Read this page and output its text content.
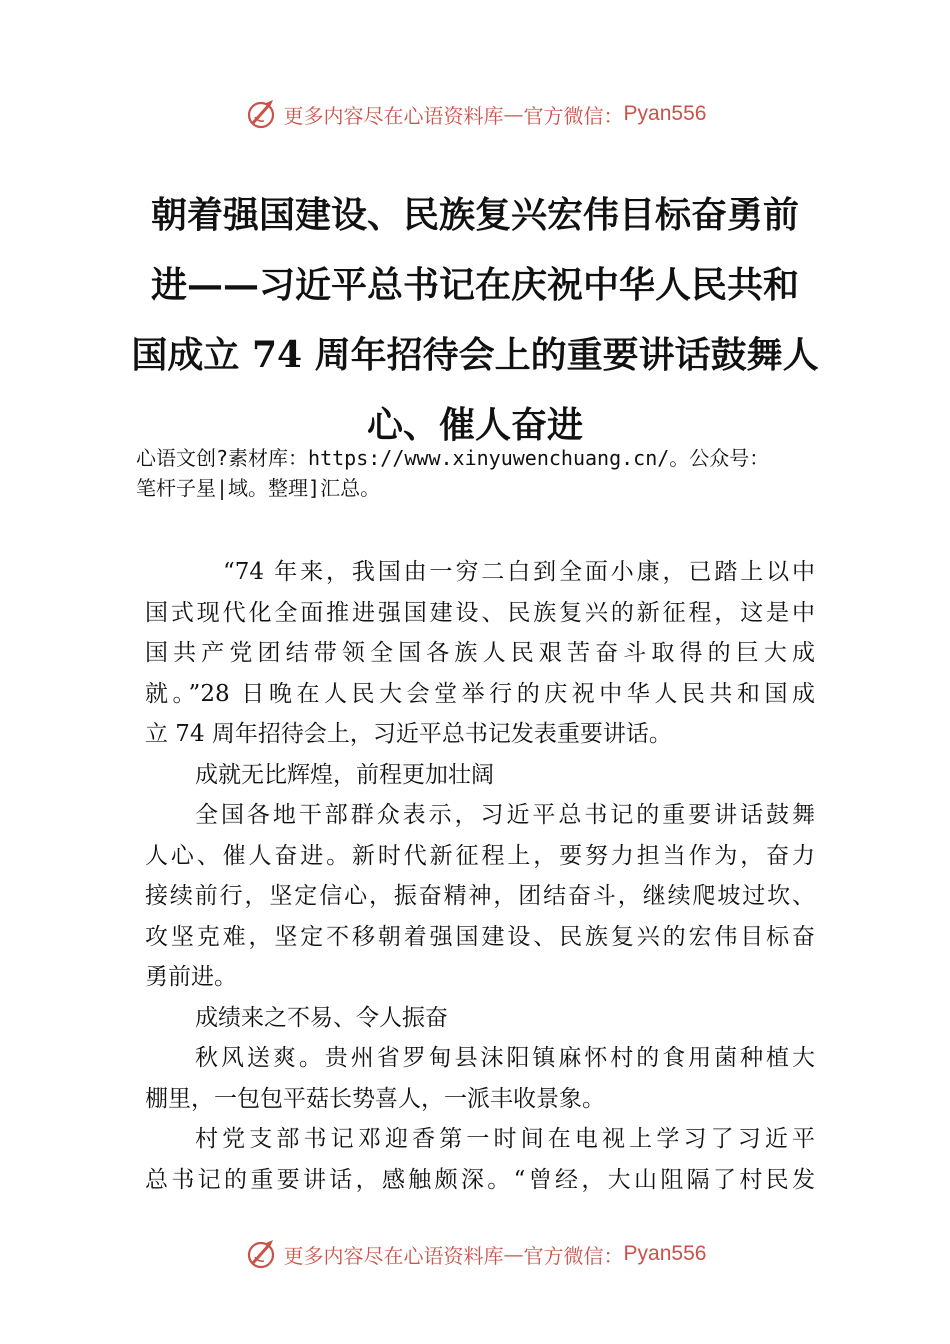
更多内容尽在心语资料库 — 官方微信： Pyan556
朝着强国建设、民族复兴宏伟目标奋勇前
进——习近平总书记在庆祝中华人民共和
国成立 74 周年招待会上的重要讲话鼓舞人
心、催人奋进
心语文创?素材库：https://www.xinyuwenchuang.cn/。公众号：
笔杆子星|域。整理]汇总。
“74 年来，我国由一穷二白到全面小康，已踏上以中
国式现代化全面推进强国建设、民族复兴的新征程，这是中
国共产党团结带领全国各族人民艰苦奋斗取得的巨大成
就。”28 日晚在人民大会堂举行的庆祝中华人民共和国成
立 74 周年招待会上，习近平总书记发表重要讲话。
成就无比辉煌，前程更加壮阔
全国各地干部群众表示，习近平总书记的重要讲话鼓舞
人心、催人奋进。新时代新征程上，要努力担当作为，奋力
接续前行，坚定信心，振奋精神，团结奋斗，继续爬坡过坎、
攻坚克难，坚定不移朝着强国建设、民族复兴的宏伟目标奋
勇前进。
成绩来之不易、令人振奋
秋风送爽。贵州省罗甸县沫阳镇麻怀村的食用菌种植大
棚里，一包包平菇长势喜人，一派丰收景象。
村党支部书记邓迎香第一时间在电视上学习了习近平
总书记的重要讲话，感触颇深。“曾经，大山阻隔了村民发
更多内容尽在心语资料库 — 官方微信： Pyan556
